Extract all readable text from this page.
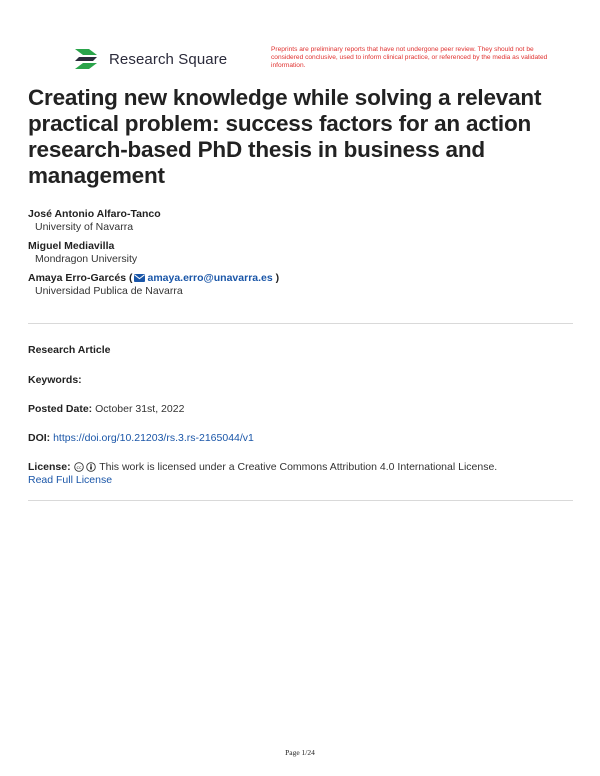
Research Square
Preprints are preliminary reports that have not undergone peer review. They should not be considered conclusive, used to inform clinical practice, or referenced by the media as validated information.
Creating new knowledge while solving a relevant practical problem: success factors for an action research-based PhD thesis in business and management
José Antonio Alfaro-Tanco
University of Navarra
Miguel Mediavilla
Mondragon University
Amaya Erro-Garcés ( amaya.erro@unavarra.es )
Universidad Publica de Navarra
Research Article
Keywords:
Posted Date: October 31st, 2022
DOI: https://doi.org/10.21203/rs.3.rs-2165044/v1
License: cc This work is licensed under a Creative Commons Attribution 4.0 International License.
Read Full License
Page 1/24
